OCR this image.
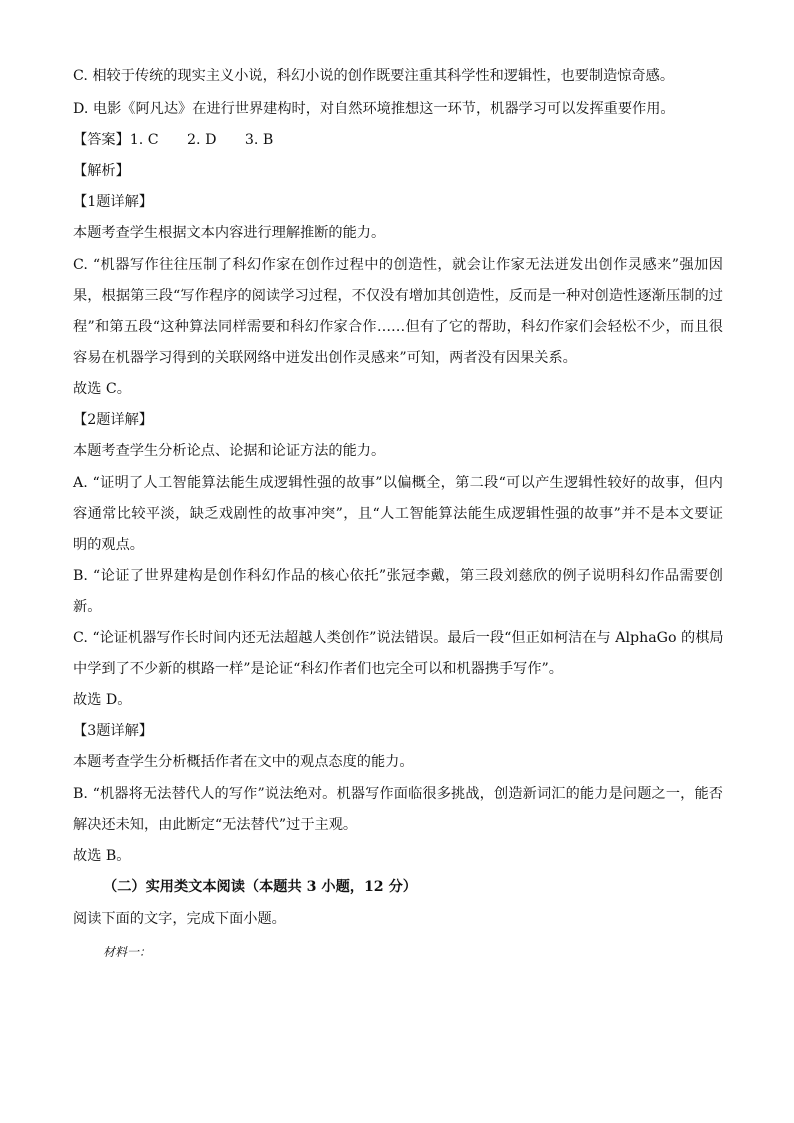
C. 相较于传统的现实主义小说，科幻小说的创作既要注重其科学性和逻辑性，也要制造惊奇感。
D. 电影《阿凡达》在进行世界建构时，对自然环境推想这一环节，机器学习可以发挥重要作用。
【答案】1. C　　2. D　　3. B
【解析】
【1题详解】
本题考查学生根据文本内容进行理解推断的能力。
C. “机器写作往往压制了科幻作家在创作过程中的创造性，就会让作家无法迸发出创作灵感来”强加因
果，根据第三段“写作程序的阅读学习过程，不仅没有增加其创造性，反而是一种对创造性逐渐压制的过
程”和第五段“这种算法同样需要和科幻作家合作……但有了它的帮助，科幻作家们会轻松不少，而且很
容易在机器学习得到的关联网络中迸发出创作灵感来”可知，两者没有因果关系。
故选 C。
【2题详解】
本题考查学生分析论点、论据和论证方法的能力。
A. “证明了人工智能算法能生成逻辑性强的故事”以偏概全，第二段“可以产生逻辑性较好的故事，但内
容通常比较平淡，缺乏戏剧性的故事冲突”，且“人工智能算法能生成逻辑性强的故事”并不是本文要证
明的观点。
B. “论证了世界建构是创作科幻作品的核心依托”张冠李戴，第三段刘慈欣的例子说明科幻作品需要创
新。
C. “论证机器写作长时间内还无法超越人类创作”说法错误。最后一段“但正如柯洁在与 AlphaGo 的棋局
中学到了不少新的棋路一样”是论证“科幻作者们也完全可以和机器携手写作”。
故选 D。
【3题详解】
本题考查学生分析概括作者在文中的观点态度的能力。
B. “机器将无法替代人的写作”说法绝对。机器写作面临很多挑战，创造新词汇的能力是问题之一，能否
解决还未知，由此断定“无法替代”过于主观。
故选 B。
（二）实用类文本阅读（本题共 3 小题，12 分）
阅读下面的文字，完成下面小题。
材料一：
